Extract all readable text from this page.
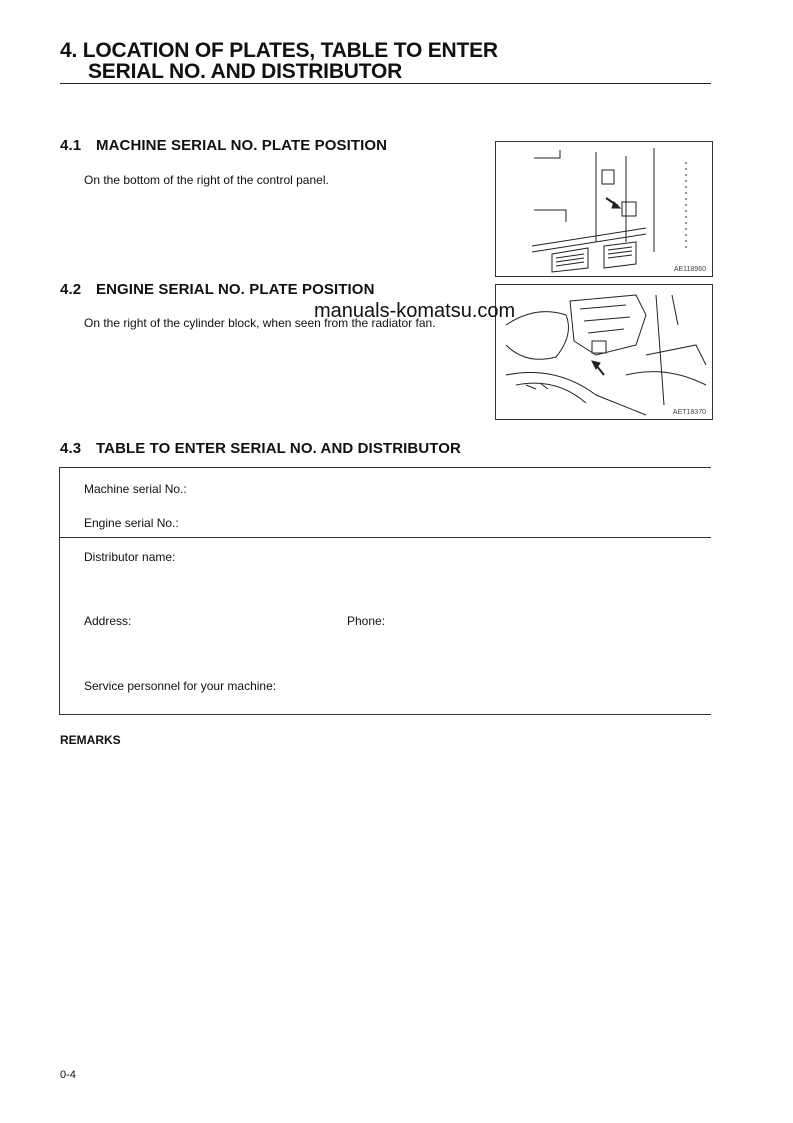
4. LOCATION OF PLATES, TABLE TO ENTER
SERIAL NO. AND DISTRIBUTOR
4.1 MACHINE SERIAL NO. PLATE POSITION
On the bottom of the right of the control panel.
AE118960
4.2 ENGINE SERIAL NO. PLATE POSITION
On the right of the cylinder block, when seen from the radiator fan.
AET18370
manuals-komatsu.com
4.3 TABLE TO ENTER SERIAL NO. AND DISTRIBUTOR
Machine serial No.:
Engine serial No.:
Distributor name:
Address:	Phone:
Service personnel for your machine:
REMARKS
0-4
